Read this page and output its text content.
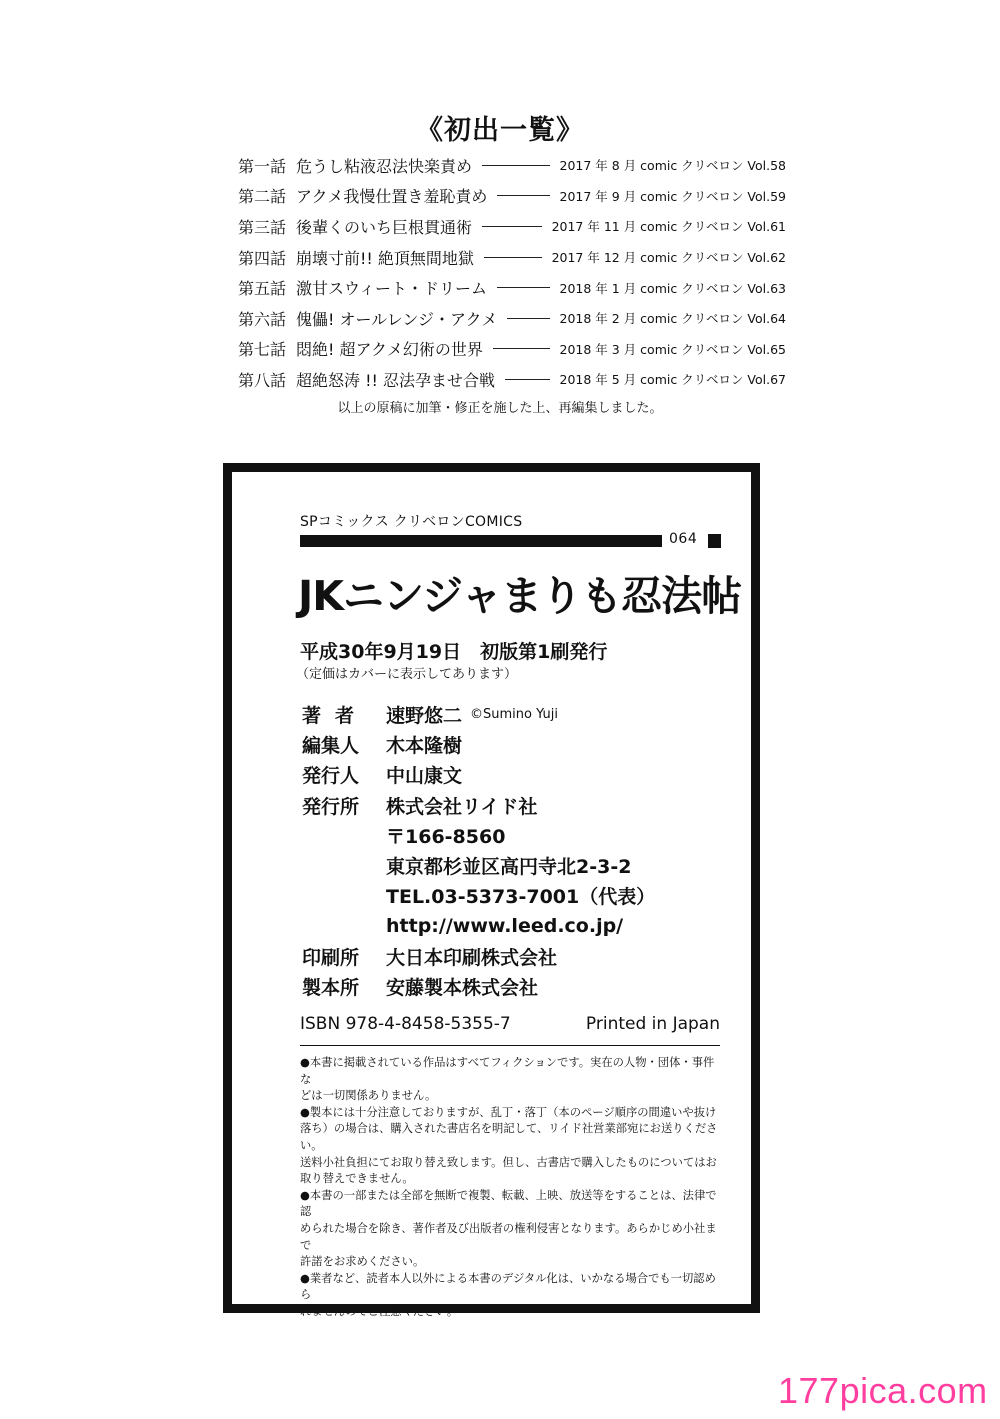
《初出一覧》
第一話 危うし粘液忍法快楽責め	2017 年 8 月 comic クリベロン Vol.58
第二話 アクメ我慢仕置き羞恥責め	2017 年 9 月 comic クリベロン Vol.59
第三話 後輩くのいち巨根貫通術	2017 年 11 月 comic クリベロン Vol.61
第四話 崩壊寸前!! 絶頂無間地獄	2017 年 12 月 comic クリベロン Vol.62
第五話 激甘スウィート・ドリーム	2018 年 1 月 comic クリベロン Vol.63
第六話 傀儡! オールレンジ・アクメ	2018 年 2 月 comic クリベロン Vol.64
第七話 悶絶! 超アクメ幻術の世界	2018 年 3 月 comic クリベロン Vol.65
第八話 超絶怒涛 !! 忍法孕ませ合戦	2018 年 5 月 comic クリベロン Vol.67
以上の原稿に加筆・修正を施した上、再編集しました。
SPコミックス クリベロンCOMICS
064
JKニンジャまりも忍法帖
平成30年9月19日　初版第1刷発行
（定価はカバーに表示してあります）
著者 速野悠二 ©Sumino Yuji
編集人	木本隆樹
発行人	中山康文
発行所	株式会社リイド社
〒166-8560
東京都杉並区高円寺北2-3-2
TEL.03-5373-7001（代表）
http://www.leed.co.jp/
印刷所	大日本印刷株式会社
製本所	安藤製本株式会社
ISBN 978-4-8458-5355-7	Printed in Japan

●本書に掲載されている作品はすべてフィクションです。実在の人物・団体・事件な

どは一切関係ありません。

●製本には十分注意しておりますが、乱丁・落丁（本のページ順序の間違いや抜け

落ち）の場合は、購入された書店名を明記して、リイド社営業部宛にお送りください。

送料小社負担にてお取り替え致します。但し、古書店で購入したものについてはお

取り替えできません。

●本書の一部または全部を無断で複製、転載、上映、放送等をすることは、法律で認

められた場合を除き、著作者及び出版者の権利侵害となります。あらかじめ小社まで

許諾をお求めください。

●業者など、読者本人以外による本書のデジタル化は、いかなる場合でも一切認めら

れませんのでご注意ください。

177pica.com
